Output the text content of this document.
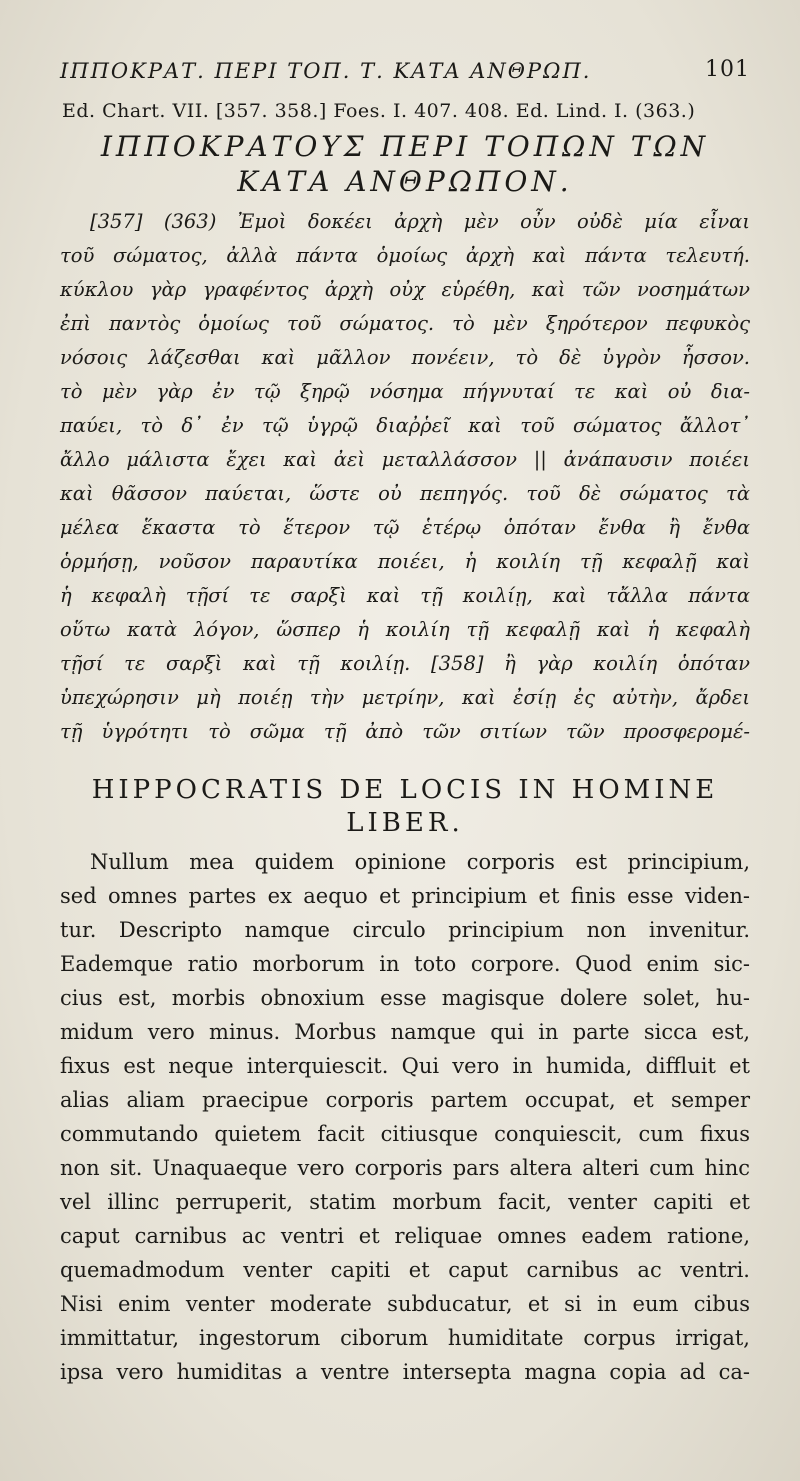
ΙΠΠΟΚΡΑΤ. ΠΕΡΙ ΤΟΠ. Τ. ΚΑΤΑ ΑΝΘΡΩΠ.	101
Ed. Chart. VII. [357. 358.] Foes. I. 407. 408. Ed. Lind. I. (363.)
ΙΠΠΟΚΡΑΤΟΥΣ ΠΕΡΙ ΤΟΠΩΝ ΤΩΝ
ΚΑΤΑ ΑΝΘΡΩΠΟΝ.
[357] (363) Ἐμοὶ δοκέει ἀρχὴ μὲν οὖν οὐδὲ μία εἶναι
τοῦ σώματος, ἀλλὰ πάντα ὁμοίως ἀρχὴ καὶ πάντα τελευτή.
κύκλου γὰρ γραφέντος ἀρχὴ οὐχ εὑρέθη, καὶ τῶν νοσημάτων
ἐπὶ παντὸς ὁμοίως τοῦ σώματος. τὸ μὲν ξηρότερον πεφυκὸς
νόσοις λάζεσθαι καὶ μᾶλλον πονέειν, τὸ δὲ ὑγρὸν ἧσσον.
τὸ μὲν γὰρ ἐν τῷ ξηρῷ νόσημα πήγνυταί τε καὶ οὐ δια-
παύει, τὸ δ᾽ ἐν τῷ ὑγρῷ διαῤῥεῖ καὶ τοῦ σώματος ἄλλοτ᾽
ἄλλο μάλιστα ἔχει καὶ ἀεὶ μεταλλάσσον || ἀνάπαυσιν ποιέει
καὶ θᾶσσον παύεται, ὥστε οὐ πεπηγός. τοῦ δὲ σώματος τὰ
μέλεα ἕκαστα τὸ ἕτερον τῷ ἑτέρῳ ὁπόταν ἔνθα ἢ ἔνθα
ὁρμήσῃ, νοῦσον παραυτίκα ποιέει, ἡ κοιλίη τῇ κεφαλῇ καὶ
ἡ κεφαλὴ τῇσί τε σαρξὶ καὶ τῇ κοιλίῃ, καὶ τἄλλα πάντα
οὕτω κατὰ λόγον, ὥσπερ ἡ κοιλίη τῇ κεφαλῇ καὶ ἡ κεφαλὴ
τῇσί τε σαρξὶ καὶ τῇ κοιλίῃ. [358] ἢ γὰρ κοιλίη ὁπόταν
ὑπεχώρησιν μὴ ποιέῃ τὴν μετρίην, καὶ ἐσίῃ ἐς αὐτὴν, ἄρδει
τῇ ὑγρότητι τὸ σῶμα τῇ ἀπὸ τῶν σιτίων τῶν προσφερομέ-
HIPPOCRATIS DE LOCIS IN HOMINE
LIBER.
Nullum mea quidem opinione corporis est principium,
sed omnes partes ex aequo et principium et finis esse viden-
tur. Descripto namque circulo principium non invenitur.
Eademque ratio morborum in toto corpore. Quod enim sic-
cius est, morbis obnoxium esse magisque dolere solet, hu-
midum vero minus. Morbus namque qui in parte sicca est,
fixus est neque interquiescit. Qui vero in humida, diffluit et
alias aliam praecipue corporis partem occupat, et semper
commutando quietem facit citiusque conquiescit, cum fixus
non sit. Unaquaeque vero corporis pars altera alteri cum hinc
vel illinc perruperit, statim morbum facit, venter capiti et
caput carnibus ac ventri et reliquae omnes eadem ratione,
quemadmodum venter capiti et caput carnibus ac ventri.
Nisi enim venter moderate subducatur, et si in eum cibus
immittatur, ingestorum ciborum humiditate corpus irrigat,
ipsa vero humiditas a ventre intersepta magna copia ad ca-
